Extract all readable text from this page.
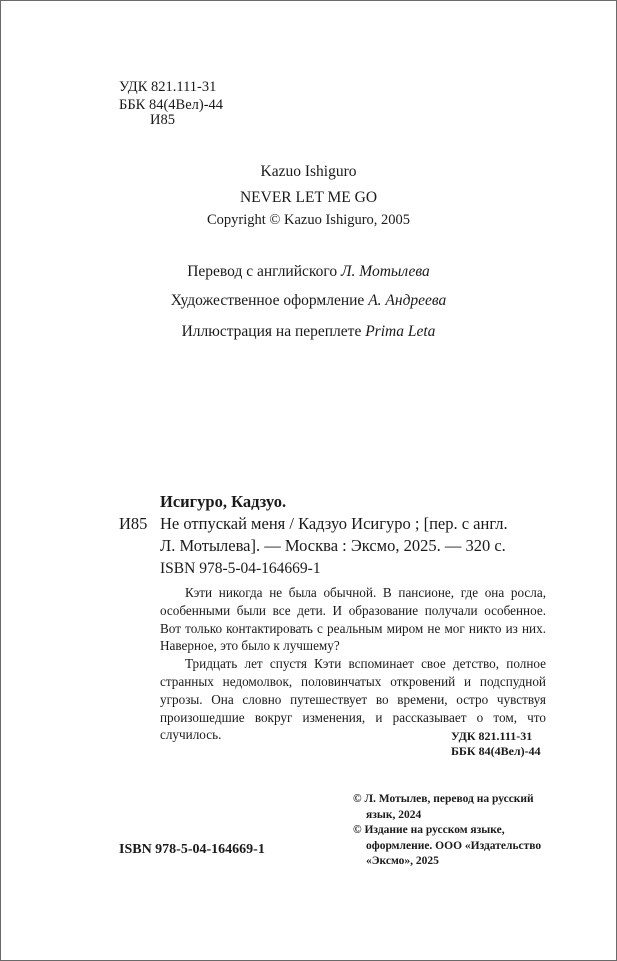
УДК 821.111-31
ББК 84(4Вел)-44
И85
Kazuo Ishiguro
NEVER LET ME GO
Copyright © Kazuo Ishiguro, 2005
Перевод с английского Л. Мотылева
Художественное оформление А. Андреева
Иллюстрация на переплете Prima Leta
Исигуро, Кадзуо.
И85 Не отпускай меня / Кадзуо Исигуро ; [пер. с англ.
Л. Мотылева]. — Москва : Эксмо, 2025. — 320 с.
ISBN 978-5-04-164669-1

Кэти никогда не была обычной. В пансионе, где она росла, особенными были все дети. И образование получали особенное. Вот только контактировать с реальным миром не мог никто из них. Наверное, это было к лучшему?

Тридцать лет спустя Кэти вспоминает свое детство, полное странных недомолвок, половинчатых откровений и подспудной угрозы. Она словно путешествует во времени, остро чувствуя произошедшие вокруг изменения, и рассказывает о том, что случилось.	УДК 821.111-31
ББК 84(4Вел)-44
© Л. Мотылев, перевод на русский язык, 2024
© Издание на русском языке, оформление. ООО «Издательство «Эксмо», 2025
ISBN 978-5-04-164669-1
